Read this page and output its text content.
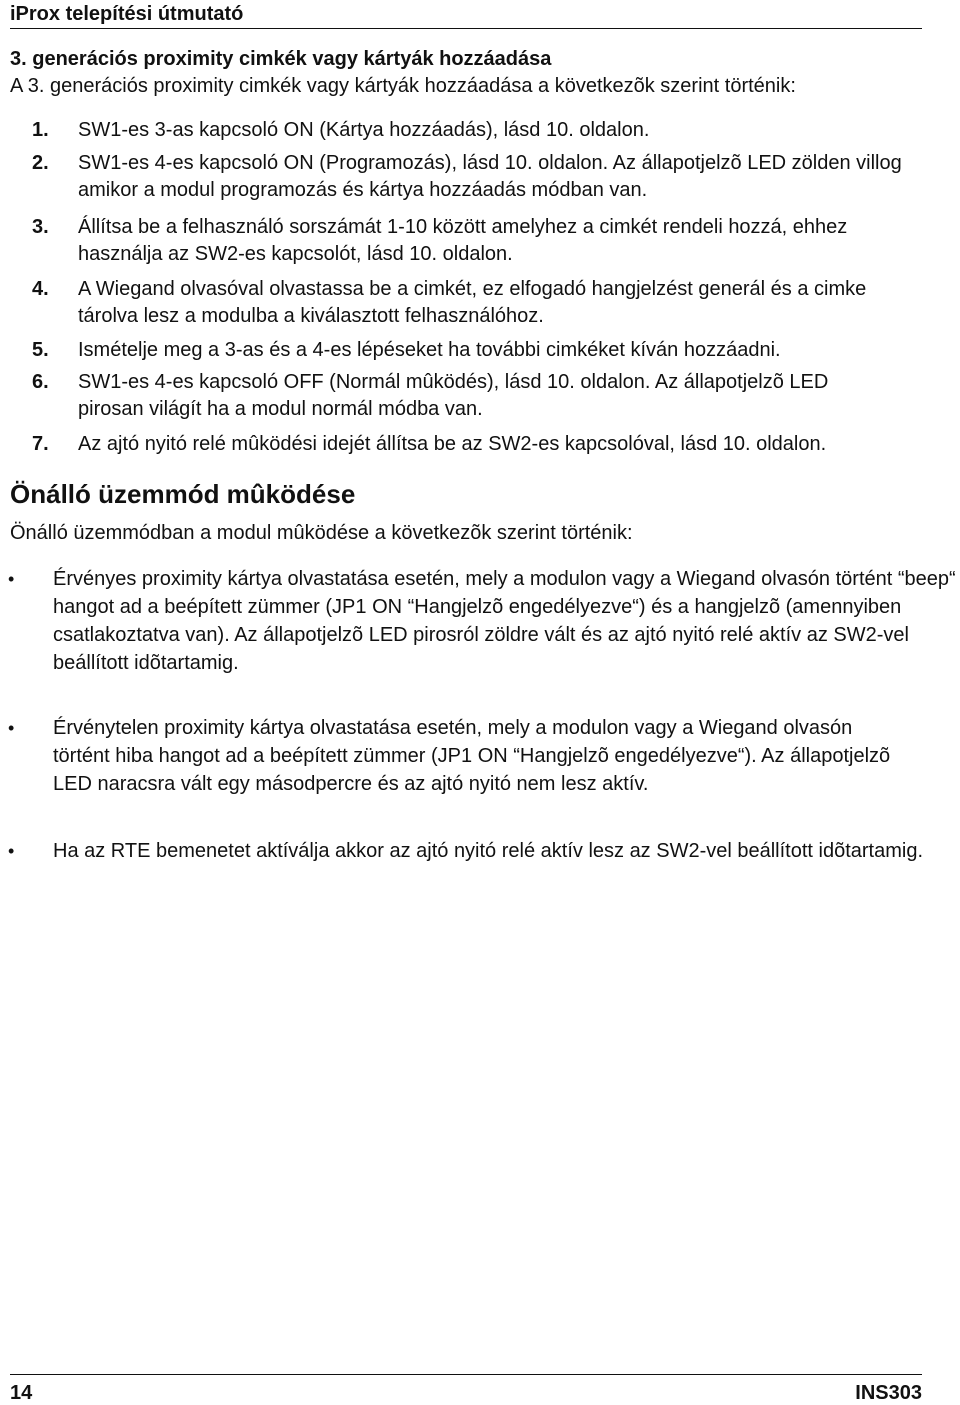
iProx telepítési útmutató
3. generációs proximity cimkék vagy kártyák hozzáadása
A 3. generációs proximity cimkék vagy kártyák hozzáadása a következõk szerint történik:
1. SW1-es 3-as kapcsoló ON (Kártya hozzáadás), lásd 10. oldalon.
2. SW1-es 4-es kapcsoló ON (Programozás), lásd 10. oldalon. Az állapotjelzõ LED zölden villog amikor a modul programozás és kártya hozzáadás módban van.
3. Állítsa be a felhasználó sorszámát 1-10 között amelyhez a cimkét rendeli hozzá, ehhez használja az SW2-es kapcsolót, lásd 10. oldalon.
4. A Wiegand olvasóval olvastassa be a cimkét, ez elfogadó hangjelzést generál és a cimke tárolva lesz a modulba a kiválasztott felhasználóhoz.
5. Ismételje meg a 3-as és a 4-es lépéseket ha további cimkéket kíván hozzáadni.
6. SW1-es 4-es kapcsoló OFF (Normál mûködés), lásd 10. oldalon. Az állapotjelzõ LED pirosan világít ha a modul normál módba van.
7. Az ajtó nyitó relé mûködési idejét állítsa be az SW2-es kapcsolóval, lásd 10. oldalon.
Önálló üzemmód mûködése
Önálló üzemmódban a modul mûködése a következõk szerint történik:
• Érvényes proximity kártya olvastatása esetén, mely a modulon vagy a Wiegand olvasón történt “beep“ hangot ad a beépített zümmer (JP1 ON “Hangjelzõ engedélyezve“) és a hangjelzõ (amennyiben csatlakoztatva van). Az állapotjelzõ LED pirosról zöldre vált és az ajtó nyitó relé aktív az SW2-vel beállított idõtartamig.
• Érvénytelen proximity kártya olvastatása esetén, mely a modulon vagy a Wiegand olvasón történt hiba hangot ad a beépített zümmer (JP1 ON “Hangjelzõ engedélyezve“). Az állapotjelzõ LED naracsra vált egy másodpercre és az ajtó nyitó nem lesz aktív.
• Ha az RTE bemenetet aktíválja akkor az ajtó nyitó relé aktív lesz az SW2-vel beállított idõtartamig.
14	INS303
